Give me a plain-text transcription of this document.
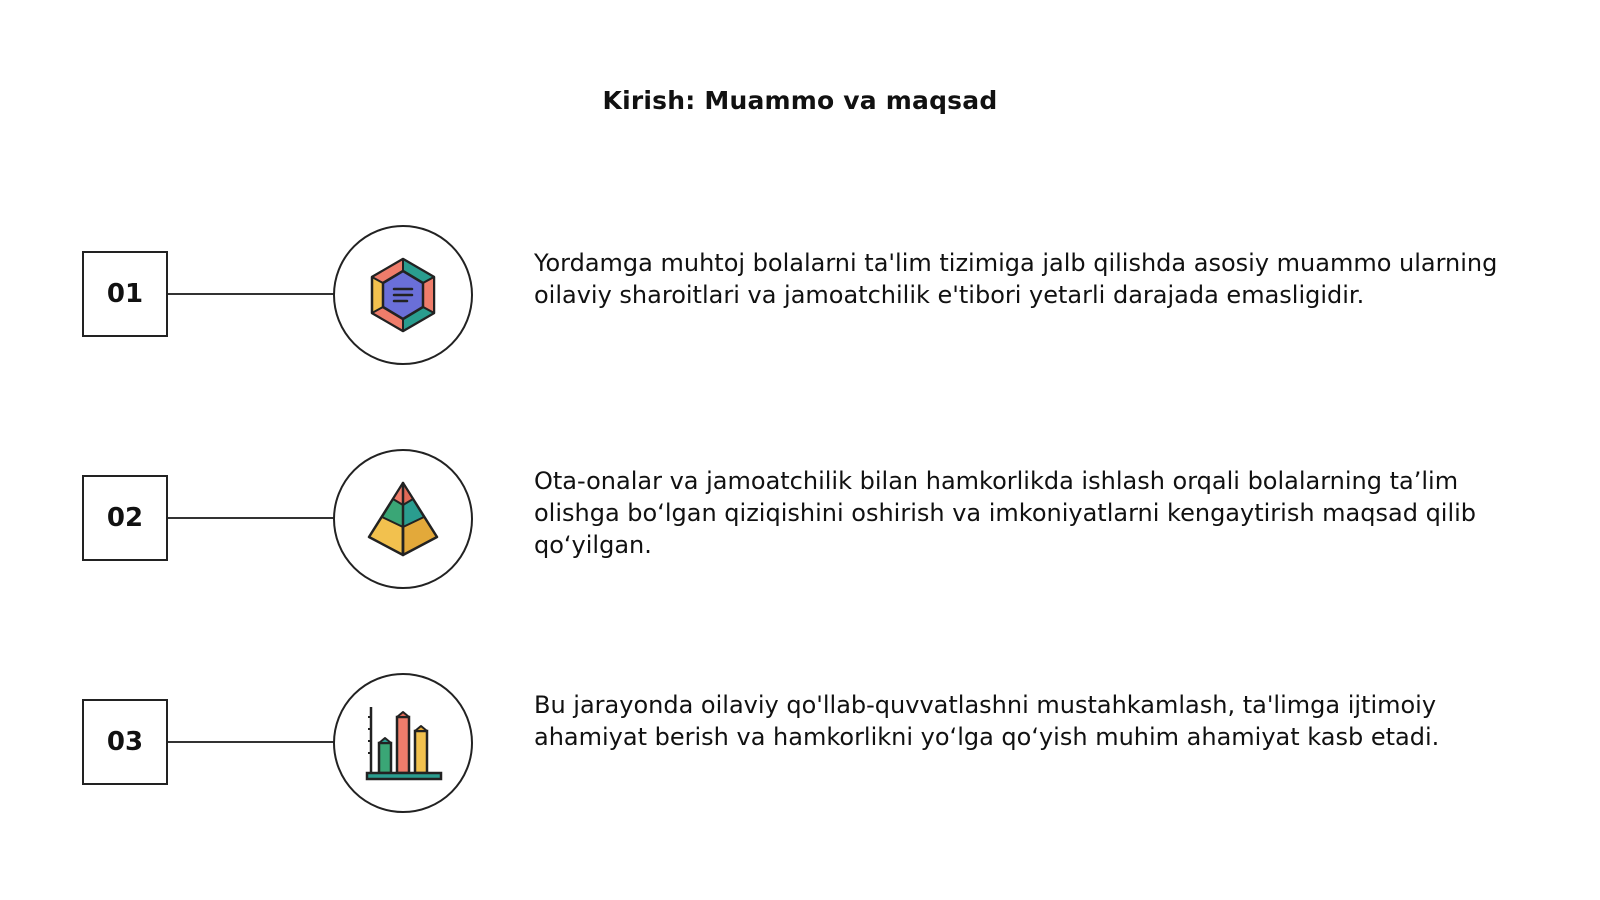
Kirish: Muammo va maqsad
01
Yordamga muhtoj bolalarni ta'lim tizimiga jalb qilishda asosiy muammo ularning oilaviy sharoitlari va jamoatchilik e'tibori yetarli darajada emasligidir.
02
Ota-onalar va jamoatchilik bilan hamkorlikda ishlash orqali bolalarning ta’lim olishga bo‘lgan qiziqishini oshirish va imkoniyatlarni kengaytirish maqsad qilib qo‘yilgan.
03
Bu jarayonda oilaviy qo'llab-quvvatlashni mustahkamlash, ta'limga ijtimoiy ahamiyat berish va hamkorlikni yo‘lga qo‘yish muhim ahamiyat kasb etadi.
